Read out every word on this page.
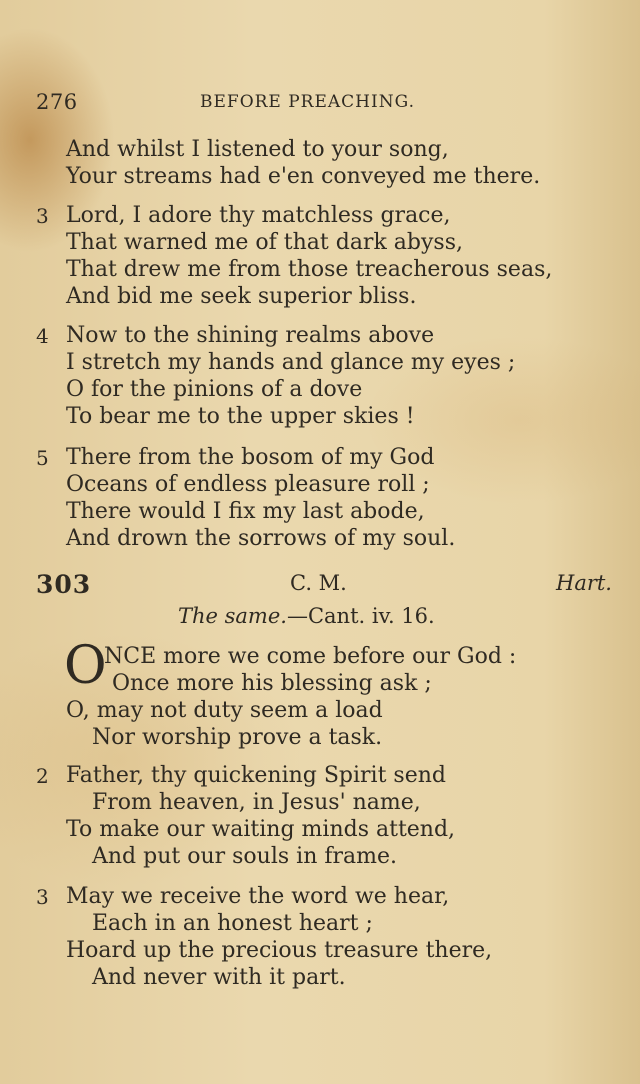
276	BEFORE PREACHING.
And whilst I listened to your song,
Your streams had e'en conveyed me there.
3 Lord, I adore thy matchless grace,
That warned me of that dark abyss,
That drew me from those treacherous seas,
And bid me seek superior bliss.
4 Now to the shining realms above
I stretch my hands and glance my eyes ;
O for the pinions of a dove
To bear me to the upper skies !
5 There from the bosom of my God
Oceans of endless pleasure roll ;
There would I fix my last abode,
And drown the sorrows of my soul.
303	C. M.	Hart.
The same.—Cant. iv. 16.
O
NCE more we come before our God :
Once more his blessing ask ;
O, may not duty seem a load
Nor worship prove a task.
2 Father, thy quickening Spirit send
From heaven, in Jesus' name,
To make our waiting minds attend,
And put our souls in frame.
3 May we receive the word we hear,
Each in an honest heart ;
Hoard up the precious treasure there,
And never with it part.
